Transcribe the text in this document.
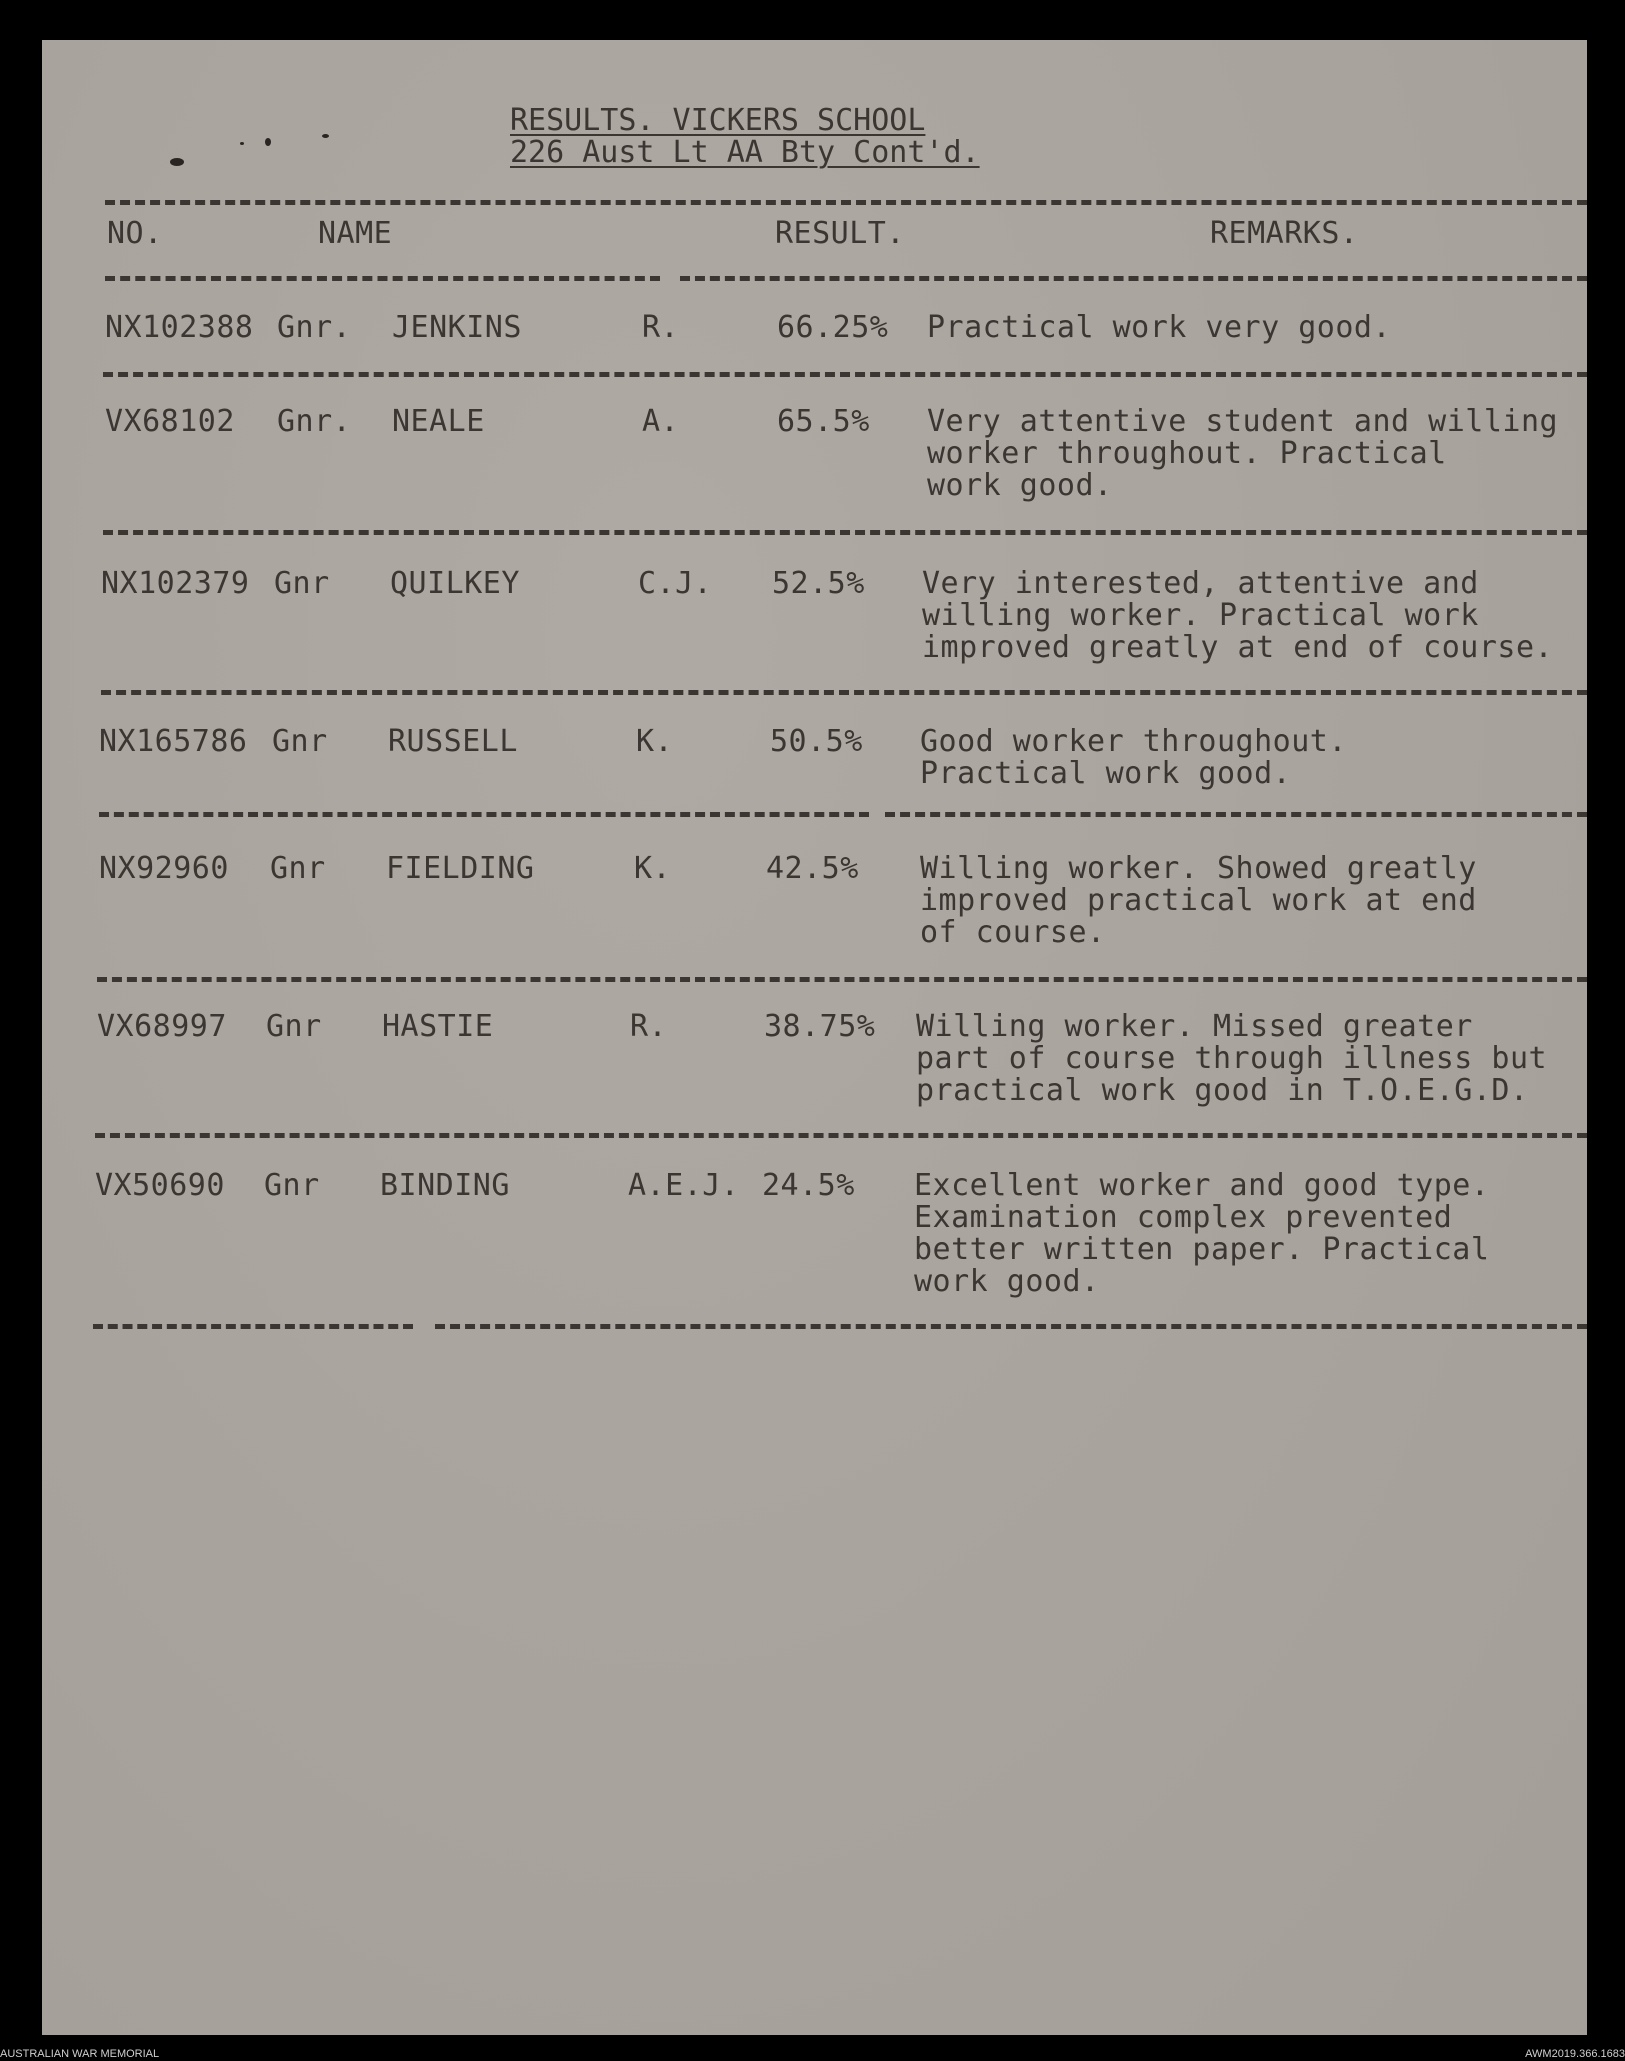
RESULTS. VICKERS SCHOOL
226 Aust Lt AA Bty Cont'd.
NO.	NAME	RESULT.	REMARKS.
NX102388 Gnr. JENKINS	R.	66.25% Practical work very good.
VX68102 Gnr. NEALE	A.	65.5% Very attentive student and willing
worker throughout. Practical
work good.
NX102379 Gnr QUILKEY	C.J. 52.5% Very interested, attentive and
willing worker. Practical work
improved greatly at end of course.
NX165786 Gnr RUSSELL	K.	50.5% Good worker throughout.
Practical work good.
NX92960 Gnr FIELDING	K.	42.5% Willing worker. Showed greatly
improved practical work at end
of course.
VX68997 Gnr HASTIE	R.	38.75% Willing worker. Missed greater
part of course through illness but
practical work good in T.O.E.G.D.
VX50690 Gnr BINDING	A.E.J. 24.5% Excellent worker and good type.
Examination complex prevented
better written paper. Practical
work good.
AUSTRALIAN WAR MEMORIAL	AWM2019.366.1683
